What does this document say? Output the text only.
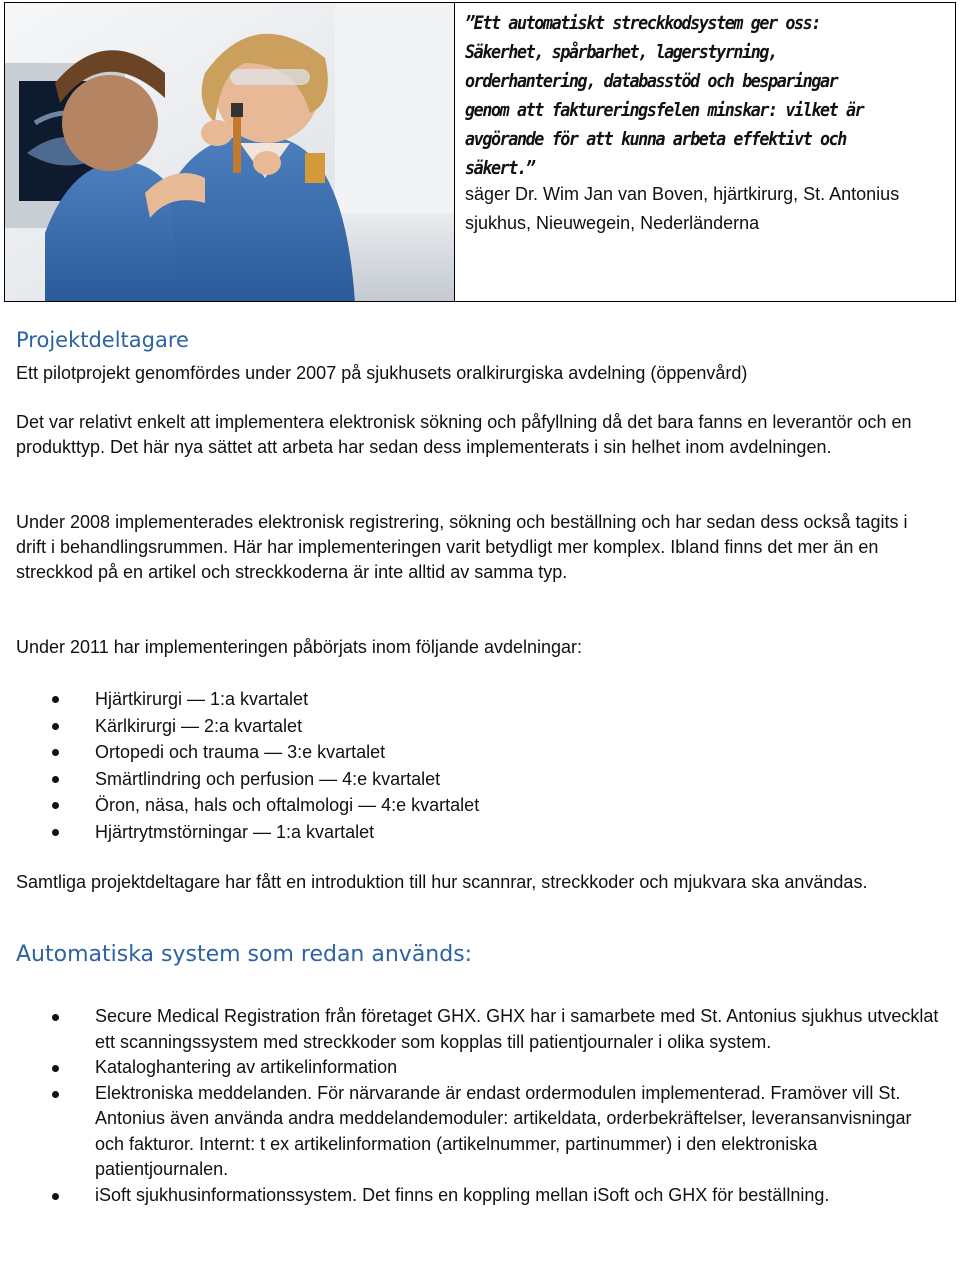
”Ett automatiskt streckkodsystem ger oss: Säkerhet, spårbarhet, lagerstyrning, orderhantering, databasstöd och besparingar genom att faktureringsfelen minskar: vilket är avgörande för att kunna arbeta effektivt och säkert.”
säger Dr. Wim Jan van Boven, hjärtkirurg, St. Antonius sjukhus, Nieuwegein, Nederländerna
Projektdeltagare

Ett pilotprojekt genomfördes under 2007 på sjukhusets oralkirurgiska avdelning (öppenvård)

Det var relativt enkelt att implementera elektronisk sökning och påfyllning då det bara fanns en leverantör och en produkttyp. Det här nya sättet att arbeta har sedan dess implementerats i sin helhet inom avdelningen.

Under 2008 implementerades elektronisk registrering, sökning och beställning och har sedan dess också tagits i drift i behandlingsrummen. Här har implementeringen varit betydligt mer komplex. Ibland finns det mer än en streckkod på en artikel och streckkoderna är inte alltid av samma typ.

Under 2011 har implementeringen påbörjats inom följande avdelningar:

Hjärtkirurgi — 1:a kvartalet
Kärlkirurgi — 2:a kvartalet
Ortopedi och trauma — 3:e kvartalet
Smärtlindring och perfusion — 4:e kvartalet
Öron, näsa, hals och oftalmologi — 4:e kvartalet
Hjärtrytmstörningar — 1:a kvartalet

Samtliga projektdeltagare har fått en introduktion till hur scannrar, streckkoder och mjukvara ska användas.

Automatiska system som redan används:
Secure Medical Registration från företaget GHX. GHX har i samarbete med St. Antonius sjukhus utvecklat ett scanningssystem med streckkoder som kopplas till patientjournaler i olika system.
Kataloghantering av artikelinformation
Elektroniska meddelanden. För närvarande är endast ordermodulen implementerad. Framöver vill St. Antonius även använda andra meddelandemoduler: artikeldata, orderbekräftelser, leveransanvisningar och fakturor. Internt: t ex artikelinformation (artikelnummer, partinummer) i den elektroniska patientjournalen.
iSoft sjukhusinformationssystem. Det finns en koppling mellan iSoft och GHX för beställning.
